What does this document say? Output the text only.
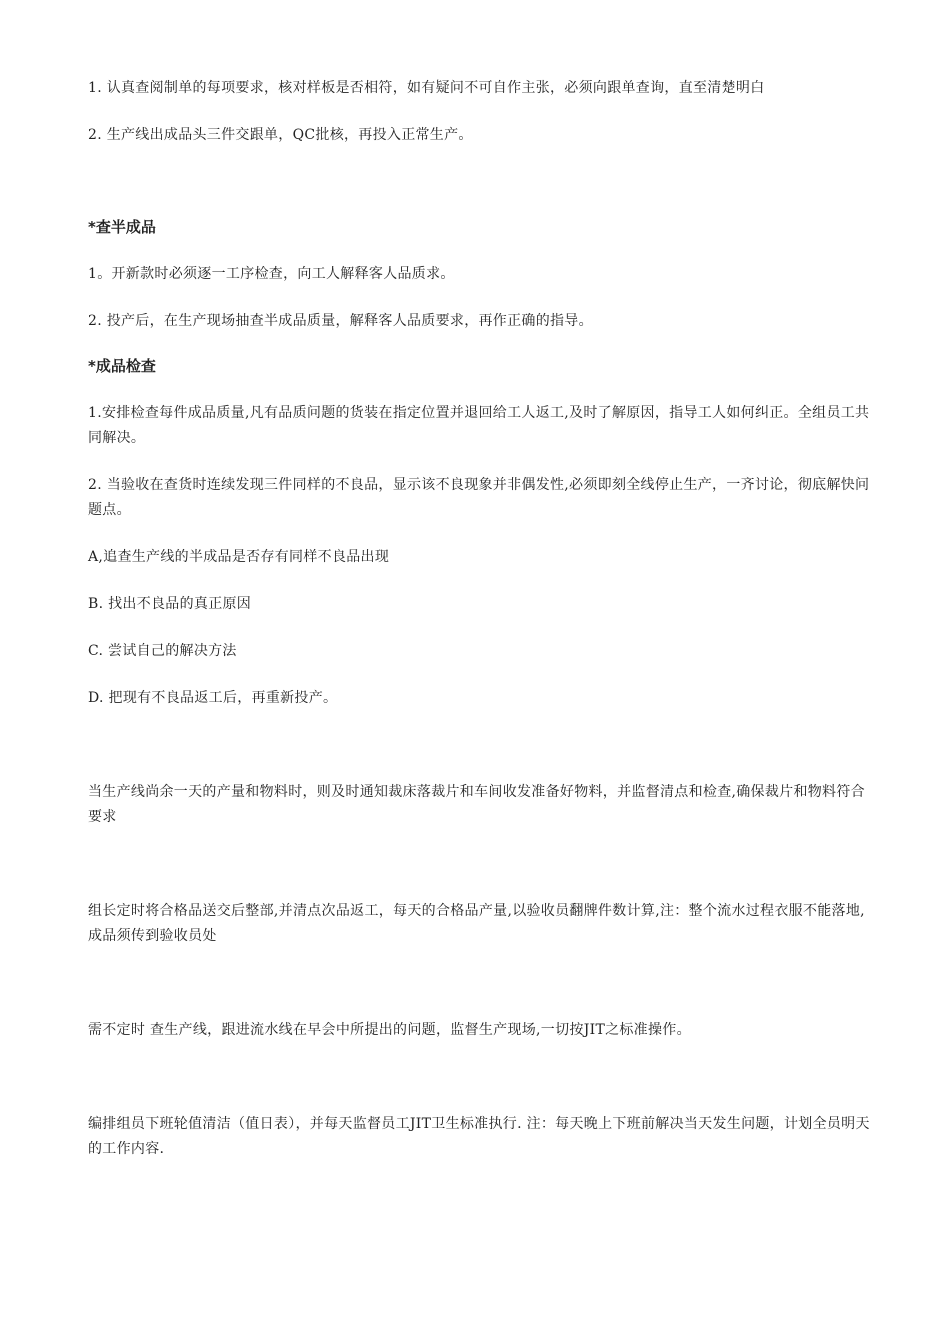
1. 认真查阅制单的每项要求，核对样板是否相符，如有疑问不可自作主张，必须向跟单查询，直至清楚明白

2. 生产线出成品头三件交跟单，QC批核，再投入正常生产。

*查半成品

1。开新款时必须逐一工序检查，向工人解释客人品质求。

2. 投产后，在生产现场抽查半成品质量，解释客人品质要求，再作正确的指导。

*成品检查

1.安排检查每件成品质量,凡有品质问题的货装在指定位置并退回给工人返工,及时了解原因，指导工人如何纠正。全组员工共同解决。

2. 当验收在查货时连续发现三件同样的不良品，显示该不良现象并非偶发性,必须即刻全线停止生产，一齐讨论，彻底解快问题点。

A,追查生产线的半成品是否存有同样不良品出现

B. 找出不良品的真正原因

C. 尝试自己的解决方法

D. 把现有不良品返工后，再重新投产。

当生产线尚余一天的产量和物料时，则及时通知裁床落裁片和车间收发准备好物料，并监督清点和检查,确保裁片和物料符合要求

组长定时将合格品送交后整部,并清点次品返工，每天的合格品产量,以验收员翻牌件数计算,注：整个流水过程衣服不能落地,成品须传到验收员处

需不定时 查生产线，跟进流水线在早会中所提出的问题，监督生产现场,一切按JIT之标准操作。

编排组员下班轮值清洁（值日表），并每天监督员工JIT卫生标准执行. 注：每天晚上下班前解决当天发生问题，计划全员明天的工作内容.
